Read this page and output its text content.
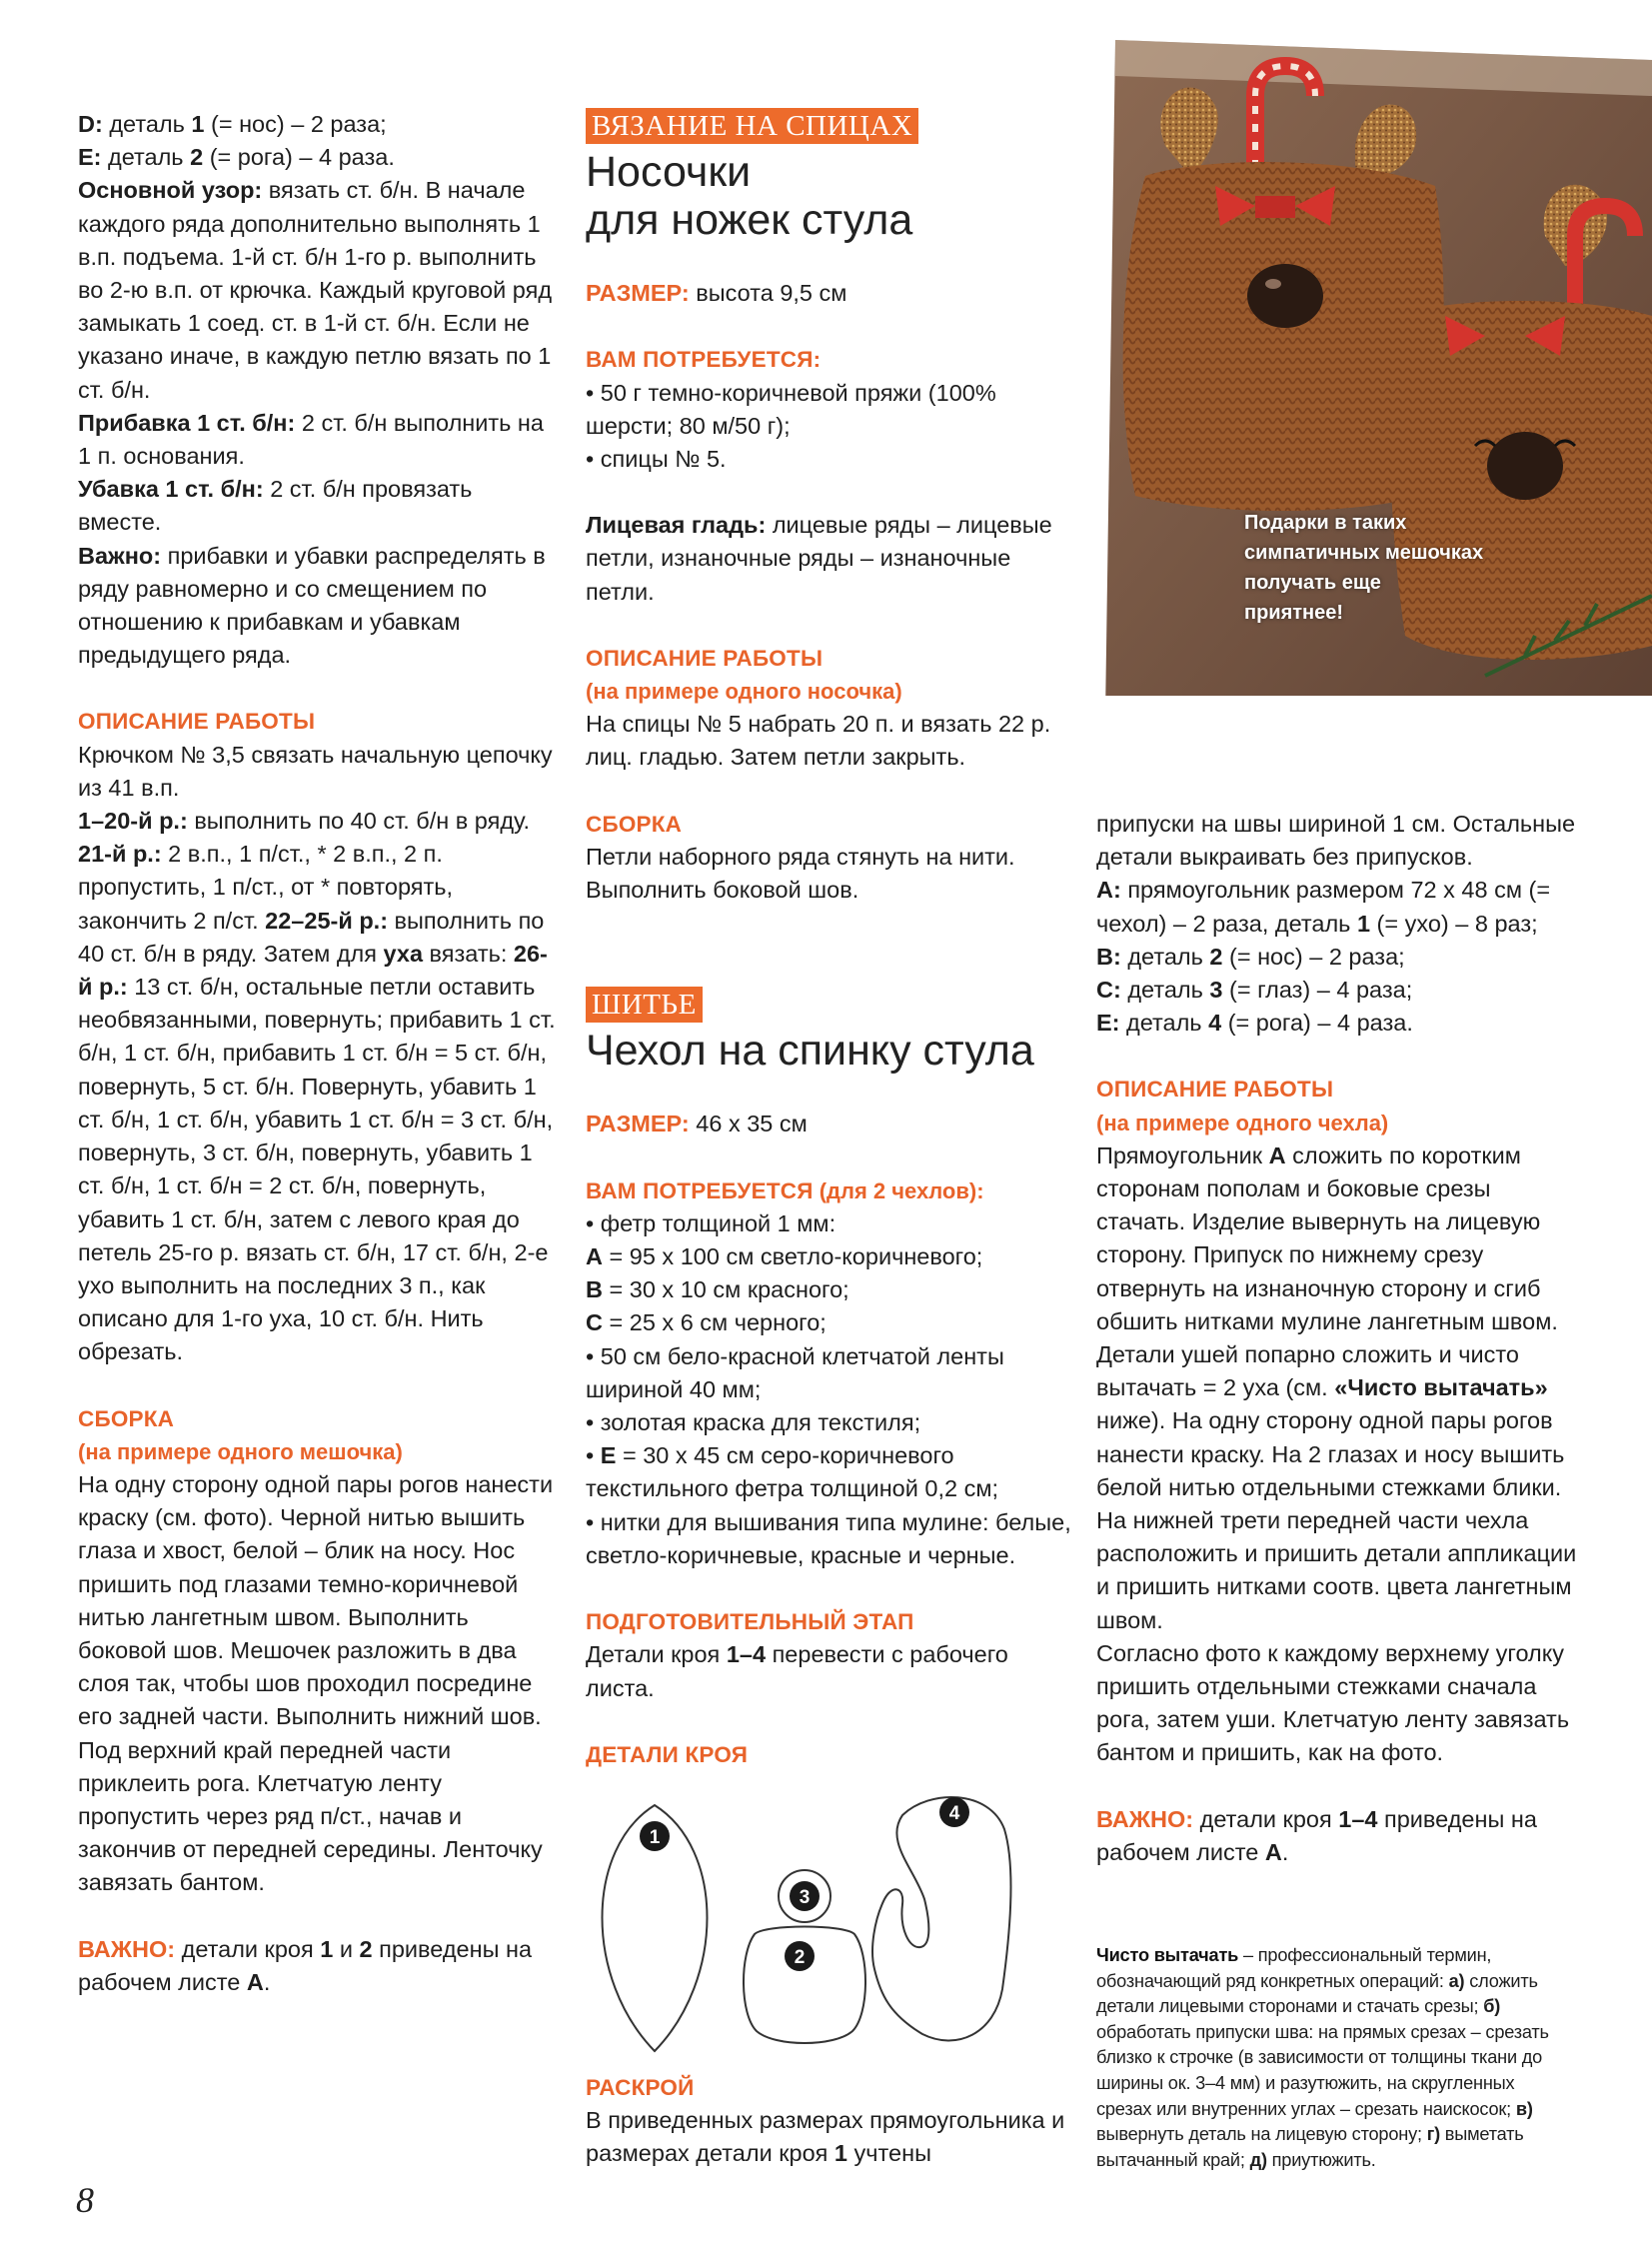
D: деталь 1 (= нос) – 2 раза;

E: деталь 2 (= рога) – 4 раза.

Основной узор: вязать ст. б/н. В начале каждого ряда дополнительно выполнять 1 в.п. подъема. 1-й ст. б/н 1-го р. выполнить во 2-ю в.п. от крючка. Каждый круговой ряд замыкать 1 соед. ст. в 1-й ст. б/н. Если не указано иначе, в каждую петлю вязать по 1 ст. б/н.

Прибавка 1 ст. б/н: 2 ст. б/н выполнить на 1 п. основания.

Убавка 1 ст. б/н: 2 ст. б/н провязать вместе.

Важно: прибавки и убавки распределять в ряду равномерно и со смещением по отношению к прибавкам и убавкам предыдущего ряда.

ОПИСАНИЕ РАБОТЫ

Крючком № 3,5 связать начальную цепочку из 41 в.п.

1–20-й р.: выполнить по 40 ст. б/н в ряду.

21-й р.: 2 в.п., 1 п/ст., * 2 в.п., 2 п. пропустить, 1 п/ст., от * повторять, закончить 2 п/ст. 22–25-й р.: выполнить по 40 ст. б/н в ряду. Затем для уха вязать: 26-й р.: 13 ст. б/н, остальные петли оставить необвязанными, повернуть; прибавить 1 ст. б/н, 1 ст. б/н, прибавить 1 ст. б/н = 5 ст. б/н, повернуть, 5 ст. б/н. Повернуть, убавить 1 ст. б/н, 1 ст. б/н, убавить 1 ст. б/н = 3 ст. б/н, повернуть, 3 ст. б/н, повернуть, убавить 1 ст. б/н, 1 ст. б/н = 2 ст. б/н, повернуть, убавить 1 ст. б/н, затем с левого края до петель 25-го р. вязать ст. б/н, 17 ст. б/н, 2-е ухо выполнить на последних 3 п., как описано для 1-го уха, 10 ст. б/н. Нить обрезать.

СБОРКА

(на примере одного мешочка)

На одну сторону одной пары рогов нанести краску (см. фото). Черной нитью вышить глаза и хвост, белой – блик на носу. Нос пришить под глазами темно-коричневой нитью лангетным швом. Выполнить боковой шов. Мешочек разложить в два слоя так, чтобы шов проходил посредине его задней части. Выполнить нижний шов. Под верхний край передней части приклеить рога. Клетчатую ленту пропустить через ряд п/ст., начав и закончив от передней середины. Ленточку завязать бантом.

ВАЖНО: детали кроя 1 и 2 приведены на рабочем листе А.

ВЯЗАНИЕ НА СПИЦАХ
Носочки
для ножек стула

РАЗМЕР: высота 9,5 см

ВАМ ПОТРЕБУЕТСЯ:

• 50 г темно-коричневой пряжи (100% шерсти; 80 м/50 г);

• спицы № 5.

Лицевая гладь: лицевые ряды – лицевые петли, изнаночные ряды – изнаночные петли.

ОПИСАНИЕ РАБОТЫ

(на примере одного носочка)

На спицы № 5 набрать 20 п. и вязать 22 р. лиц. гладью. Затем петли закрыть.

СБОРКА

Петли наборного ряда стянуть на нити. Выполнить боковой шов.

ШИТЬЕ
Чехол на спинку стула

РАЗМЕР: 46 х 35 см

ВАМ ПОТРЕБУЕТСЯ (для 2 чехлов):

• фетр толщиной 1 мм:

А = 95 х 100 см светло-коричневого;

В = 30 х 10 см красного;

С = 25 х 6 см черного;

• 50 см бело-красной клетчатой ленты шириной 40 мм;

• золотая краска для текстиля;

• Е = 30 х 45 см серо-коричневого текстильного фетра толщиной 0,2 см;

• нитки для вышивания типа мулине: белые, светло-коричневые, красные и черные.

ПОДГОТОВИТЕЛЬНЫЙ ЭТАП

Детали кроя 1–4 перевести с рабочего листа.

ДЕТАЛИ КРОЯ

1
3
2
4

РАСКРОЙ

В приведенных размерах прямоугольника и размерах детали кроя 1 учтены

Подарки в таких симпатичных мешочках получать еще приятнее!

припуски на швы шириной 1 см. Остальные детали выкраивать без припусков.

А: прямоугольник размером 72 х 48 см (= чехол) – 2 раза, деталь 1 (= ухо) – 8 раз;

В: деталь 2 (= нос) – 2 раза;

С: деталь 3 (= глаз) – 4 раза;

Е: деталь 4 (= рога) – 4 раза.

ОПИСАНИЕ РАБОТЫ

(на примере одного чехла)

Прямоугольник А сложить по коротким сторонам пополам и боковые срезы стачать. Изделие вывернуть на лицевую сторону. Припуск по нижнему срезу отвернуть на изнаночную сторону и сгиб обшить нитками мулине лангетным швом. Детали ушей попарно сложить и чисто вытачать = 2 уха (см. «Чисто вытачать» ниже). На одну сторону одной пары рогов нанести краску. На 2 глазах и носу вышить белой нитью отдельными стежками блики. На нижней трети передней части чехла расположить и пришить детали аппликации и пришить нитками соотв. цвета лангетным швом.

Согласно фото к каждому верхнему уголку пришить отдельными стежками сначала рога, затем уши. Клетчатую ленту завязать бантом и пришить, как на фото.

ВАЖНО: детали кроя 1–4 приведены на рабочем листе А.

Чисто вытачать – профессиональный термин, обозначающий ряд конкретных операций: а) сложить детали лицевыми сторонами и стачать срезы; б) обработать припуски шва: на прямых срезах – срезать близко к строчке (в зависимости от толщины ткани до ширины ок. 3–4 мм) и разутюжить, на скругленных срезах или внутренних углах – срезать наискосок; в) вывернуть деталь на лицевую сторону; г) выметать вытачанный край; д) приутюжить.
8
